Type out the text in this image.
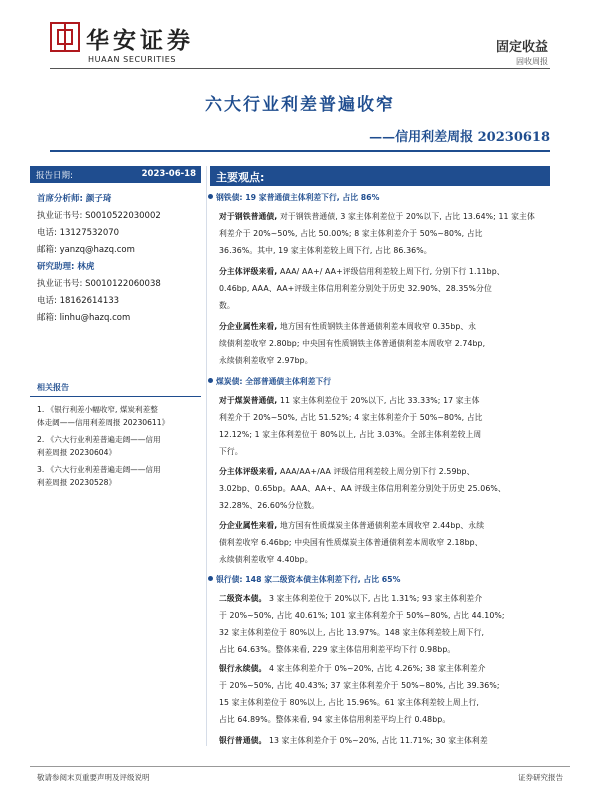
华安证券
HUAAN SECURITIES
固定收益
固收周报
六大行业利差普遍收窄
——信用利差周报 20230618
报告日期:	2023-06-18
首席分析师: 颜子琦
执业证书号: S0010522030002
电话: 13127532070
邮箱: yanzq@hazq.com
研究助理: 林虎
执业证书号: S0010122060038
电话: 18162614133
邮箱: linhu@hazq.com
相关报告
1. 《银行利差小幅收窄, 煤炭利差整
体走阔——信用利差周报 20230611》
2. 《六大行业利差普遍走阔——信用
利差周报 20230604》
3. 《六大行业利差普遍走阔——信用
利差周报 20230528》
主要观点:
钢铁债: 19 家普通债主体利差下行, 占比 86%
对于钢铁普通债, 对于钢铁普通债, 3 家主体利差位于 20%以下, 占比 13.64%; 11 家主体
利差介于 20%~50%, 占比 50.00%; 8 家主体利差介于 50%~80%, 占比
36.36%。其中, 19 家主体利差较上周下行, 占比 86.36%。
分主体评级来看, AAA/ AA+/ AA+评级信用利差较上周下行, 分别下行 1.11bp、
0.46bp, AAA、AA+评级主体信用利差分别处于历史 32.90%、28.35%分位
数。
分企业属性来看, 地方国有性质钢铁主体普通债利差本周收窄 0.35bp、永
续债利差收窄 2.80bp; 中央国有性质钢铁主体普通债利差本周收窄 2.74bp,
永续债利差收窄 2.97bp。
煤炭债: 全部普通债主体利差下行
对于煤炭普通债, 11 家主体利差位于 20%以下, 占比 33.33%; 17 家主体
利差介于 20%~50%, 占比 51.52%; 4 家主体利差介于 50%~80%, 占比
12.12%; 1 家主体利差位于 80%以上, 占比 3.03%。全部主体利差较上周
下行。
分主体评级来看, AAA/AA+/AA 评级信用利差较上周分别下行 2.59bp、
3.02bp、0.65bp。AAA、AA+、AA 评级主体信用利差分别处于历史 25.06%、
32.28%、26.60%分位数。
分企业属性来看, 地方国有性质煤炭主体普通债利差本周收窄 2.44bp、永续
债利差收窄 6.46bp; 中央国有性质煤炭主体普通债利差本周收窄 2.18bp、
永续债利差收窄 4.40bp。
银行债: 148 家二级资本债主体利差下行, 占比 65%
二级资本债。 3 家主体利差位于 20%以下, 占比 1.31%; 93 家主体利差介
于 20%~50%, 占比 40.61%; 101 家主体利差介于 50%~80%, 占比 44.10%;
32 家主体利差位于 80%以上, 占比 13.97%。148 家主体利差较上周下行,
占比 64.63%。整体来看, 229 家主体信用利差平均下行 0.98bp。
银行永续债。 4 家主体利差介于 0%~20%, 占比 4.26%; 38 家主体利差介
于 20%~50%, 占比 40.43%; 37 家主体利差介于 50%~80%, 占比 39.36%;
15 家主体利差位于 80%以上, 占比 15.96%。61 家主体利差较上周上行,
占比 64.89%。整体来看, 94 家主体信用利差平均上行 0.48bp。
银行普通债。 13 家主体利差介于 0%~20%, 占比 11.71%; 30 家主体利差
敬请参阅末页重要声明及评级说明	证券研究报告
